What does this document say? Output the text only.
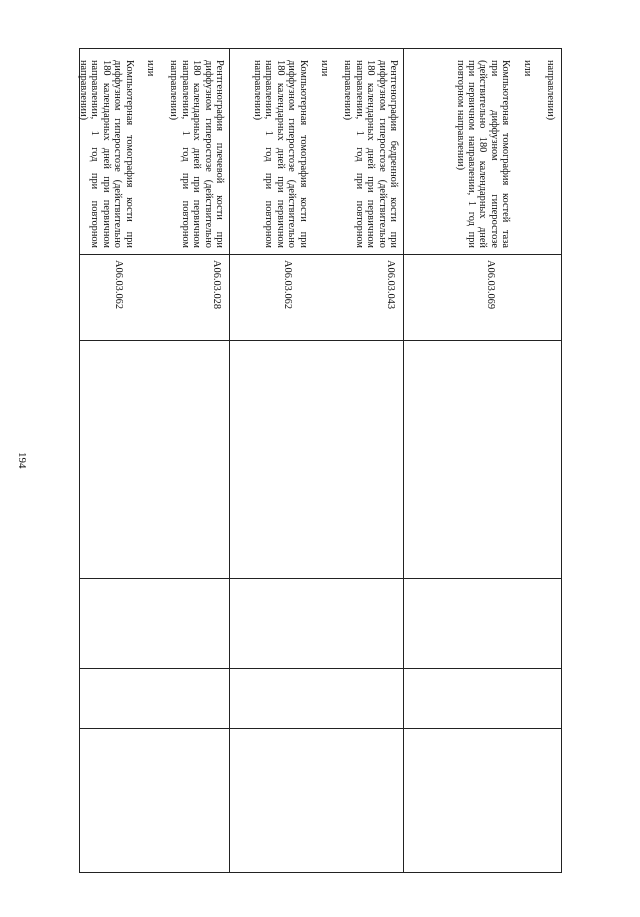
194

направлении)

или

Компьютерная томография костей таза при диффузном гиперостозе (действительно 180 календарных дней при первичном направлении, 1 год при повторном направлении)

A06.03.069

Рентгенография бедренной кости при диффузном гиперостозе (действительно 180 календарных дней при первичном направлении, 1 год при повторном направлении)

или

Компьютерная томография кости при диффузном гиперостозе (действительно 180 календарных дней при первичном направлении, 1 год при повторном направлении)

A06.03.043
A06.03.062

Рентгенография плечевой кости при диффузном гиперостозе (действительно 180 календарных дней при первичном направлении, 1 год при повторном направлении)

или

Компьютерная томография кости при диффузном гиперостозе (действительно 180 календарных дней при первичном направлении, 1 год при повторном направлении)

A06.03.028
A06.03.062
